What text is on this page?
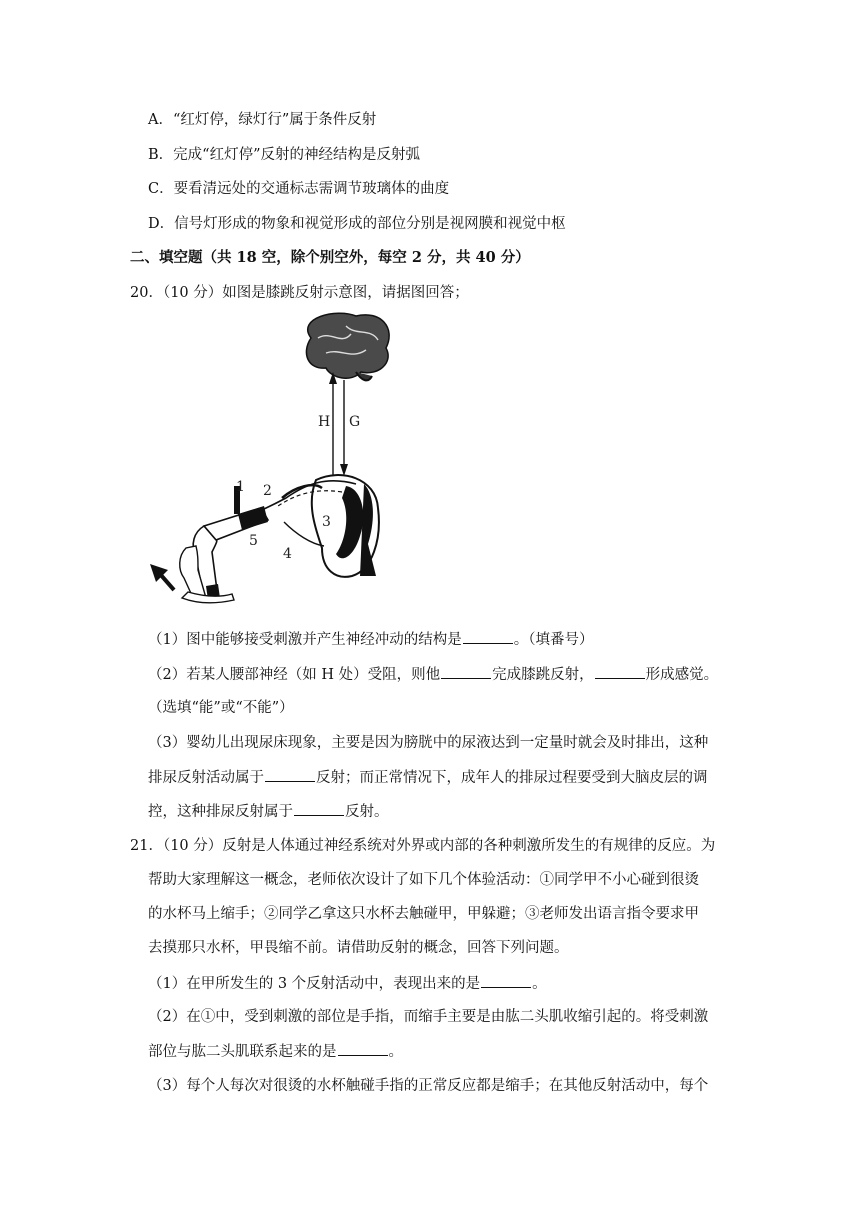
A．“红灯停，绿灯行”属于条件反射
B．完成“红灯停”反射的神经结构是反射弧
C．要看清远处的交通标志需调节玻璃体的曲度
D．信号灯形成的物象和视觉形成的部位分别是视网膜和视觉中枢
二、填空题（共 18 空，除个别空外，每空 2 分，共 40 分）
20．（10 分）如图是膝跳反射示意图，请据图回答；
H G
3
2
4
1
5
（1）图中能够接受刺激并产生神经冲动的结构是	。（填番号）
（2）若某人腰部神经（如 H 处）受阻，则他	完成膝跳反射，	形成感觉。
（选填“能”或“不能”）
（3）婴幼儿出现尿床现象，主要是因为膀胱中的尿液达到一定量时就会及时排出，这种
排尿反射活动属于	反射；而正常情况下，成年人的排尿过程要受到大脑皮层的调
控，这种排尿反射属于	反射。
21．（10 分）反射是人体通过神经系统对外界或内部的各种刺激所发生的有规律的反应。为
帮助大家理解这一概念，老师依次设计了如下几个体验活动：①同学甲不小心碰到很烫
的水杯马上缩手；②同学乙拿这只水杯去触碰甲，甲躲避；③老师发出语言指令要求甲
去摸那只水杯，甲畏缩不前。请借助反射的概念，回答下列问题。
（1）在甲所发生的 3 个反射活动中，表现出来的是	。
（2）在①中，受到刺激的部位是手指，而缩手主要是由肱二头肌收缩引起的。将受刺激
部位与肱二头肌联系起来的是	。
（3）每个人每次对很烫的水杯触碰手指的正常反应都是缩手；在其他反射活动中，每个
